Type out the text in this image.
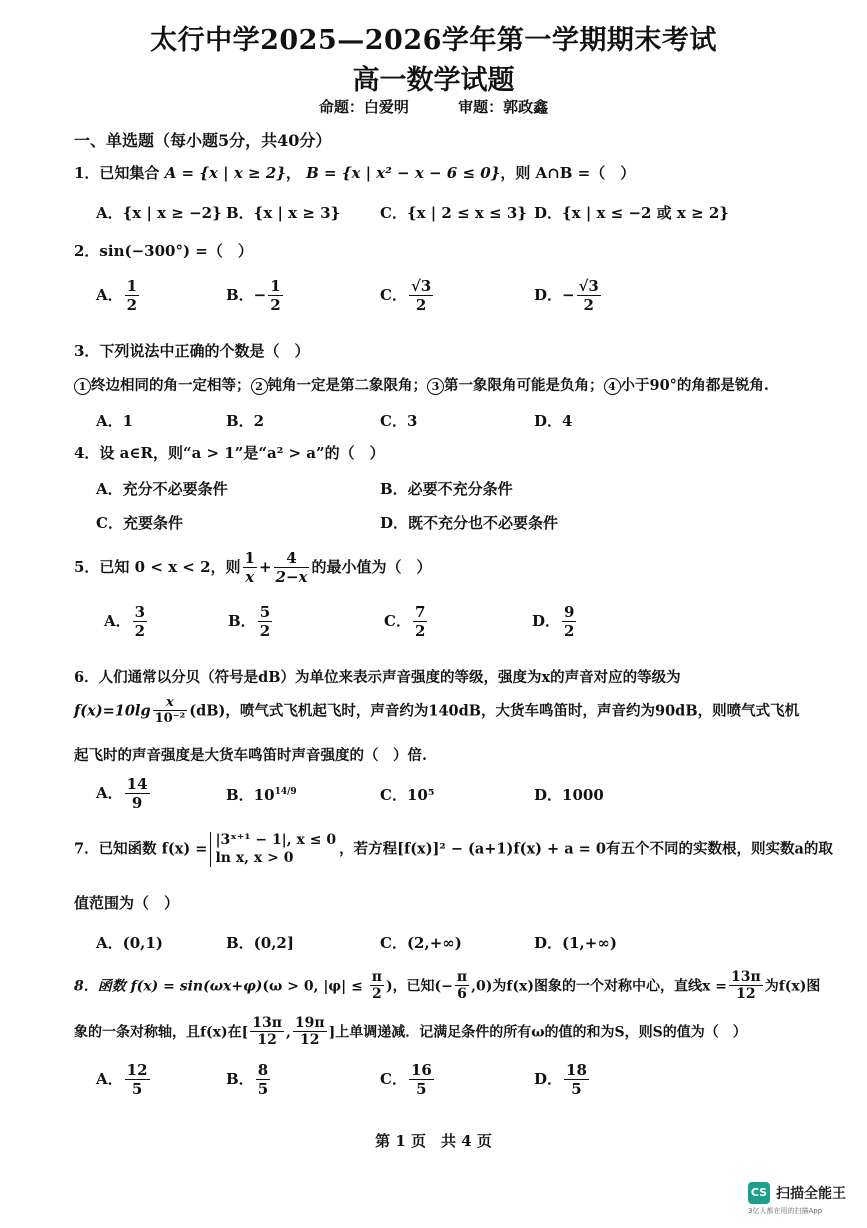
太行中学2025—2026学年第一学期期末考试
高一数学试题
命题：白爱明	审题：郭政鑫
一、单选题（每小题5分，共40分）
1．已知集合 A = {x | x ≥ 2}， B = {x | x² − x − 6 ≤ 0}，则 A∩B =（　）
A．{x | x ≥ −2} B．{x | x ≥ 3}	C．{x | 2 ≤ x ≤ 3} D．{x | x ≤ −2 或 x ≥ 2}
2．sin(−300°) =（　）
A． $\frac{1}{2}$	B．− $\frac{1}{2}$	C． $\frac{√3}{2}$	D．− $\frac{√3}{2}$
3．下列说法中正确的个数是（　）
1 终边相同的角一定相等； 2 钝角一定是第二象限角； 3 第一象限角可能是负角； 4 小于90°的角都是锐角.
A．1	B．2	C．3	D．4
4．设 a∈R，则“a > 1”是“a² > a”的（　）
A．充分不必要条件	B．必要不充分条件
C．充要条件	D．既不充分也不必要条件
5．已知 0 < x < 2，则 $\frac{1}{x} + \frac{4}{2-x}$ 的最小值为（　）
A． $\frac{3}{2}$	B． $\frac{5}{2}$	C． $\frac{7}{2}$	D． $\frac{9}{2}$
6．人们通常以分贝（符号是dB）为单位来表示声音强度的等级，强度为x的声音对应的等级为
$f(x)=10\lg \frac{x}{\text{10⁻²}} (dB)$，喷气式飞机起飞时，声音约为140dB，大货车鸣笛时，声音约为90dB，则喷气式飞机
起飞时的声音强度是大货车鸣笛时声音强度的（　）倍.
A． $\frac{14}{9}$	B．$10^{14/9}$	C．10⁵	D．1000
7．已知函数 f(x) =
|3ˣ⁺¹ − 1|, x ≤ 0
ln x, x > 0	，若方程[f(x)]² − (a+1)f(x) + a = 0有五个不同的实数根，则实数a的取
值范围为（　）
A．(0,1)	B．(0,2]	C．(2,+∞)	D．(1,+∞)
8．函数 f(x) = sin(ωx+φ)(ω > 0, $|\varphi| \le \frac{\pi}{2}$ )，已知(− $\frac{\pi}{6} ,0$)为f(x)图象的一个对称中心，直线$x = \frac{13\pi}{12}$ 为f(x)图
象的一条对称轴，且f(x)在[ $\frac{13\pi}{12}$ , $\frac{19\pi}{12}$ ]上单调递减．记满足条件的所有ω的值的和为S，则S的值为（　）
A． $\frac{12}{5}$	B． $\frac{8}{5}$	C． $\frac{16}{5}$	D． $\frac{18}{5}$
第 1 页　共 4 页
CS 扫描全能王
3亿人都在用的扫描App
